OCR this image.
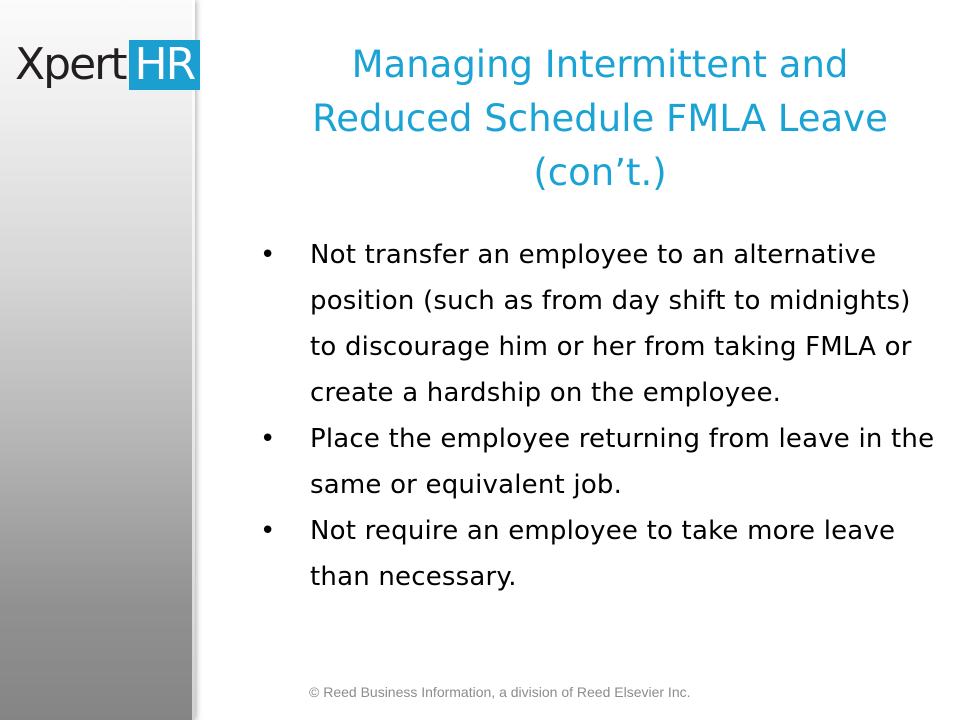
Xpert HR	Managing Intermittent and
Reduced Schedule FMLA Leave
(con’t.)
• Not transfer an employee to an alternative position (such as from day shift to midnights) to discourage him or her from taking FMLA or create a hardship on the employee.
• Place the employee returning from leave in the same or equivalent job.
• Not require an employee to take more leave than necessary.
© Reed Business Information, a division of Reed Elsevier Inc.
